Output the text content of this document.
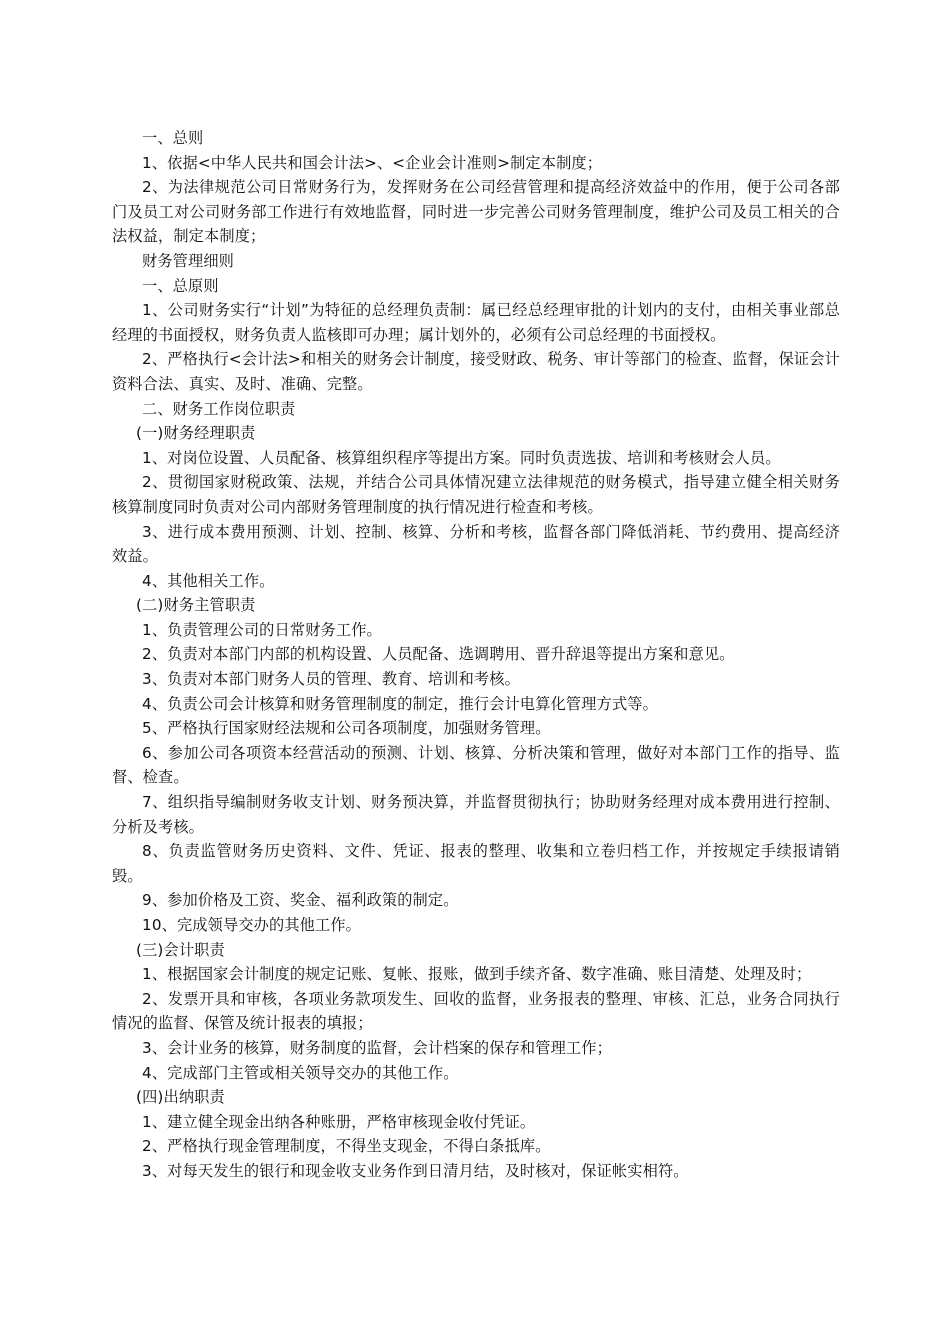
一、总则

1、依据<中华人民共和国会计法>、<企业会计准则>制定本制度；

2、为法律规范公司日常财务行为，发挥财务在公司经营管理和提高经济效益中的作用，便于公司各部门及员工对公司财务部工作进行有效地监督，同时进一步完善公司财务管理制度，维护公司及员工相关的合法权益，制定本制度；

财务管理细则

一、总原则

1、公司财务实行“计划”为特征的总经理负责制：属已经总经理审批的计划内的支付，由相关事业部总经理的书面授权，财务负责人监核即可办理；属计划外的，必须有公司总经理的书面授权。

2、严格执行<会计法>和相关的财务会计制度，接受财政、税务、审计等部门的检查、监督，保证会计资料合法、真实、及时、准确、完整。

二、财务工作岗位职责

(一)财务经理职责

1、对岗位设置、人员配备、核算组织程序等提出方案。同时负责选拔、培训和考核财会人员。

2、贯彻国家财税政策、法规，并结合公司具体情况建立法律规范的财务模式，指导建立健全相关财务核算制度同时负责对公司内部财务管理制度的执行情况进行检查和考核。

3、进行成本费用预测、计划、控制、核算、分析和考核，监督各部门降低消耗、节约费用、提高经济效益。

4、其他相关工作。

(二)财务主管职责

1、负责管理公司的日常财务工作。

2、负责对本部门内部的机构设置、人员配备、选调聘用、晋升辞退等提出方案和意见。

3、负责对本部门财务人员的管理、教育、培训和考核。

4、负责公司会计核算和财务管理制度的制定，推行会计电算化管理方式等。

5、严格执行国家财经法规和公司各项制度，加强财务管理。

6、参加公司各项资本经营活动的预测、计划、核算、分析决策和管理，做好对本部门工作的指导、监督、检查。

7、组织指导编制财务收支计划、财务预决算，并监督贯彻执行；协助财务经理对成本费用进行控制、分析及考核。

8、负责监管财务历史资料、文件、凭证、报表的整理、收集和立卷归档工作，并按规定手续报请销毁。

9、参加价格及工资、奖金、福利政策的制定。

10、完成领导交办的其他工作。

(三)会计职责

1、根据国家会计制度的规定记账、复帐、报账，做到手续齐备、数字准确、账目清楚、处理及时；

2、发票开具和审核，各项业务款项发生、回收的监督，业务报表的整理、审核、汇总，业务合同执行情况的监督、保管及统计报表的填报；

3、会计业务的核算，财务制度的监督，会计档案的保存和管理工作；

4、完成部门主管或相关领导交办的其他工作。

(四)出纳职责

1、建立健全现金出纳各种账册，严格审核现金收付凭证。

2、严格执行现金管理制度，不得坐支现金，不得白条抵库。

3、对每天发生的银行和现金收支业务作到日清月结，及时核对，保证帐实相符。
